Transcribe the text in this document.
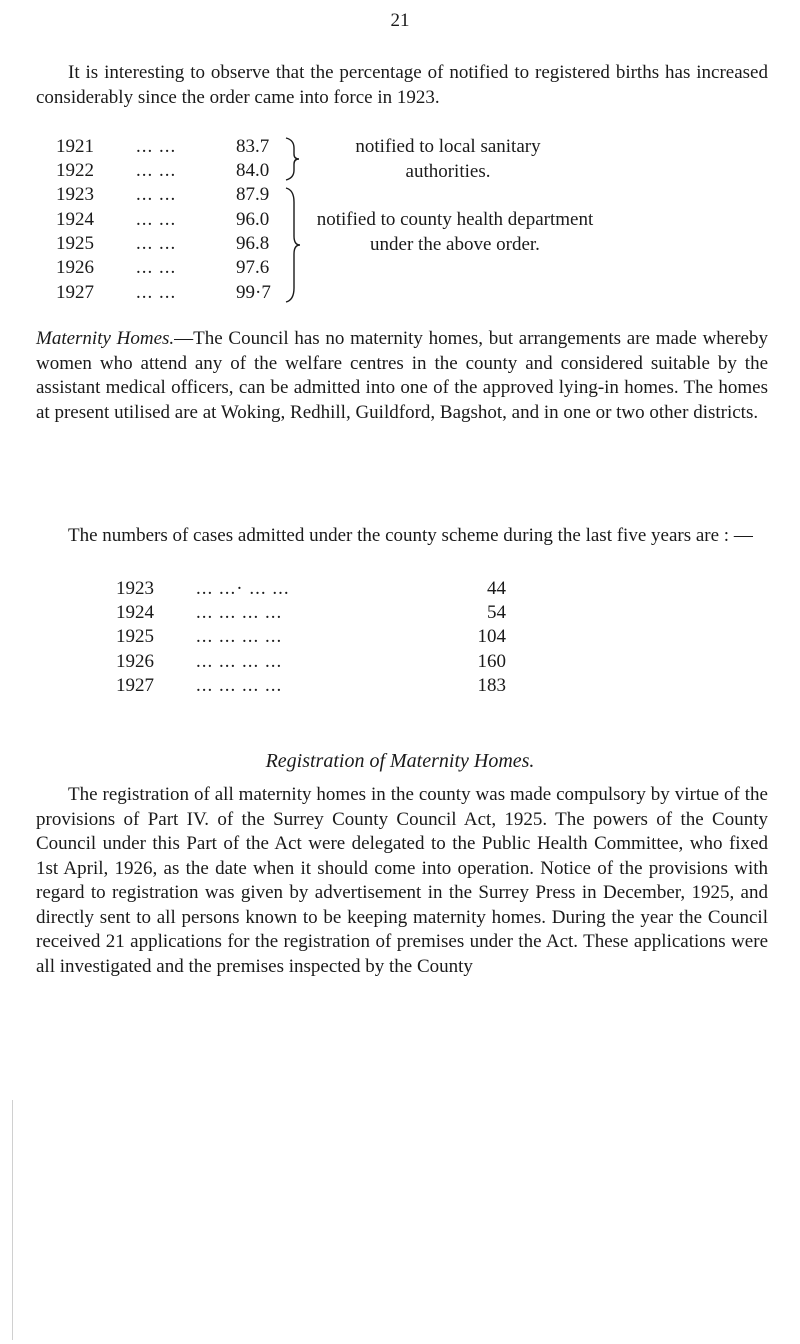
21

It is interesting to observe that the percentage of notified to registered births has increased considerably since the order came into force in 1923.

1921 ... ...	83.7
1922 ... ...	84.0
1923 ... ...	87.9
1924 ... ...	96.0
1925 ... ...	96.8
1926 ... ...	97.6
1927 ... ...	99·7
notified to local sanitary authorities.
notified to county health department under the above order.

Maternity Homes.—The Council has no maternity homes, but arrangements are made whereby women who attend any of the welfare centres in the county and considered suitable by the assistant medical officers, can be admitted into one of the approved lying-in homes. The homes at present utilised are at Woking, Redhill, Guildford, Bagshot, and in one or two other districts.

The numbers of cases admitted under the county scheme during the last five years are : —

1923 ... ...· ... ...	44
1924 ... ... ... ...	54
1925 ... ... ... ...	104
1926 ... ... ... ...	160
1927 ... ... ... ...	183
Registration of Maternity Homes.

The registration of all maternity homes in the county was made compulsory by virtue of the provisions of Part IV. of the Surrey County Council Act, 1925. The powers of the County Council under this Part of the Act were delegated to the Public Health Committee, who fixed 1st April, 1926, as the date when it should come into operation. Notice of the provisions with regard to registration was given by advertisement in the Surrey Press in December, 1925, and directly sent to all persons known to be keeping maternity homes. During the year the Council received 21 applications for the registration of premises under the Act. These applications were all investigated and the premises inspected by the County
